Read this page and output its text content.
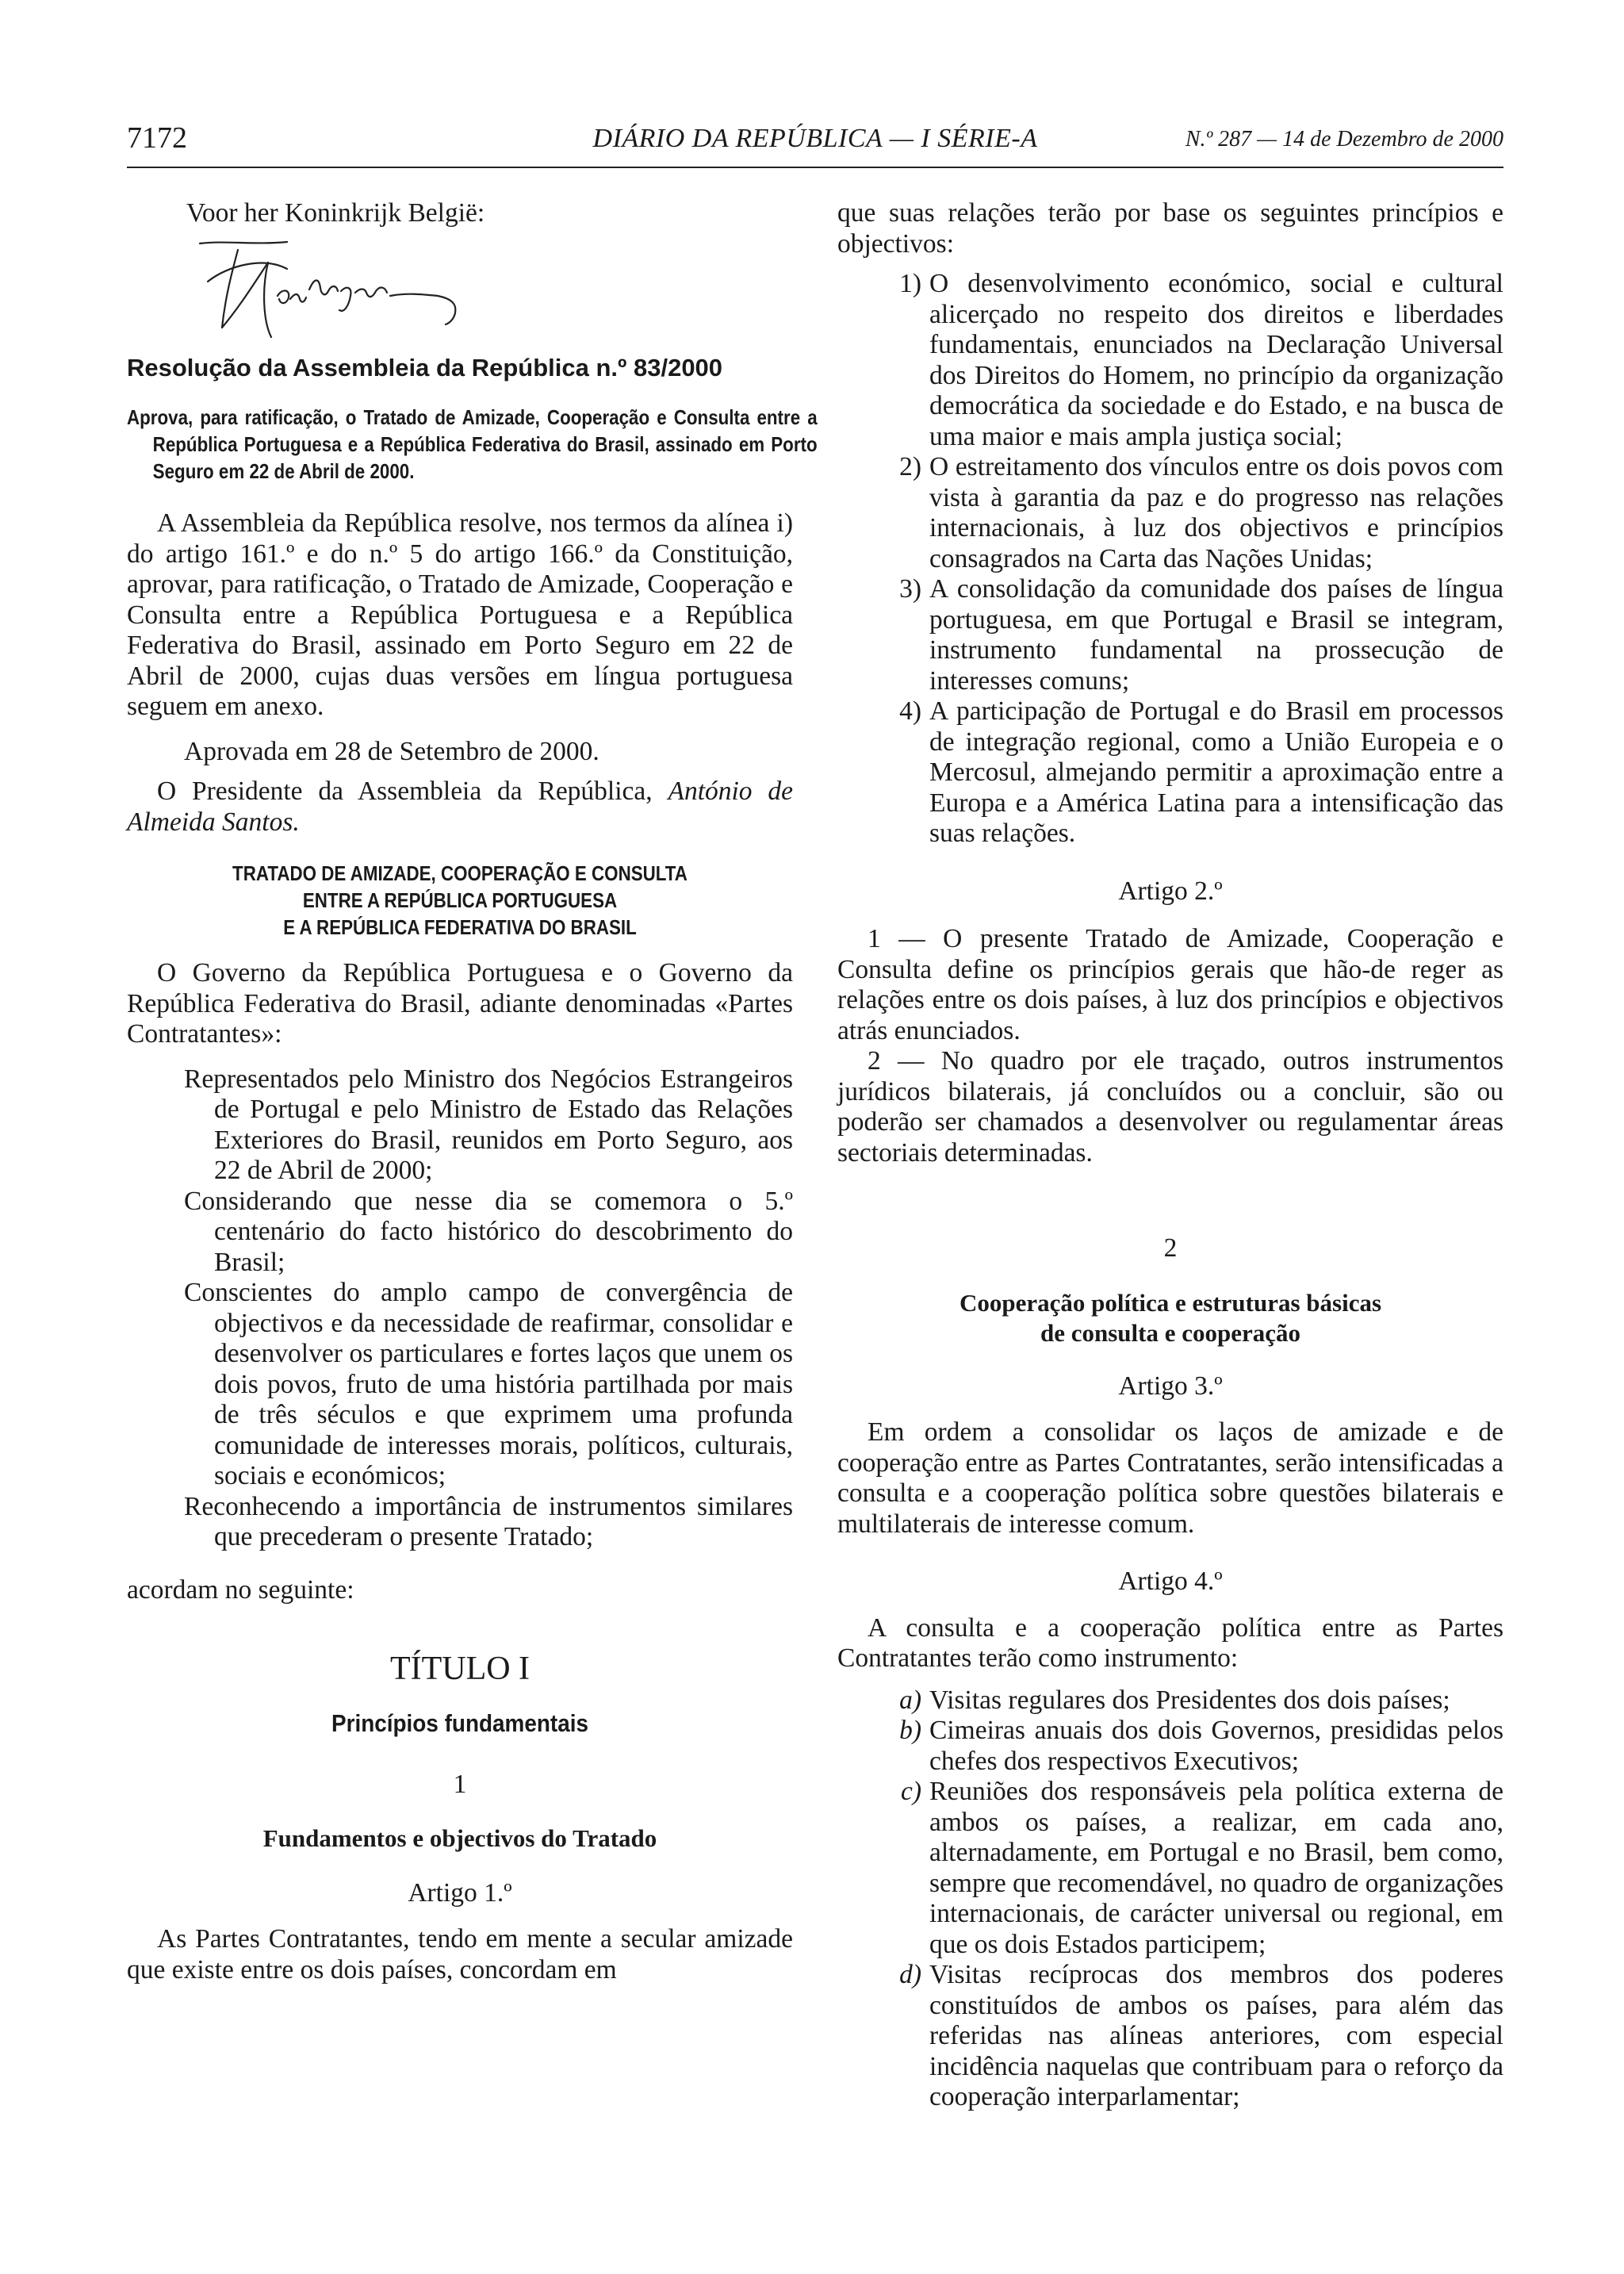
7172	DIÁRIO DA REPÚBLICA — I SÉRIE-A	N.º 287 — 14 de Dezembro de 2000

Voor her Koninkrijk België:

Resolução da Assembleia da República n.º 83/2000

Aprova, para ratificação, o Tratado de Amizade, Cooperação e Consulta entre a República Portuguesa e a República Federativa do Brasil, assinado em Porto Seguro em 22 de Abril de 2000.

A Assembleia da República resolve, nos termos da alínea i) do artigo 161.º e do n.º 5 do artigo 166.º da Constituição, aprovar, para ratificação, o Tratado de Amizade, Cooperação e Consulta entre a República Portuguesa e a República Federativa do Brasil, assinado em Porto Seguro em 22 de Abril de 2000, cujas duas versões em língua portuguesa seguem em anexo.

Aprovada em 28 de Setembro de 2000.

O Presidente da Assembleia da República, António de Almeida Santos.

TRATADO DE AMIZADE, COOPERAÇÃO E CONSULTA

ENTRE A REPÚBLICA PORTUGUESA

E A REPÚBLICA FEDERATIVA DO BRASIL

O Governo da República Portuguesa e o Governo da República Federativa do Brasil, adiante denominadas «Partes Contratantes»:

Representados pelo Ministro dos Negócios Estrangeiros de Portugal e pelo Ministro de Estado das Relações Exteriores do Brasil, reunidos em Porto Seguro, aos 22 de Abril de 2000;

Considerando que nesse dia se comemora o 5.º centenário do facto histórico do descobrimento do Brasil;

Conscientes do amplo campo de convergência de objectivos e da necessidade de reafirmar, consolidar e desenvolver os particulares e fortes laços que unem os dois povos, fruto de uma história partilhada por mais de três séculos e que exprimem uma profunda comunidade de interesses morais, políticos, culturais, sociais e económicos;

Reconhecendo a importância de instrumentos similares que precederam o presente Tratado;

acordam no seguinte:

TÍTULO I

Princípios fundamentais

1

Fundamentos e objectivos do Tratado

Artigo 1.º

As Partes Contratantes, tendo em mente a secular amizade que existe entre os dois países, concordam em

que suas relações terão por base os seguintes princípios e objectivos:

1) O desenvolvimento económico, social e cultural alicerçado no respeito dos direitos e liberdades fundamentais, enunciados na Declaração Universal dos Direitos do Homem, no princípio da organização democrática da sociedade e do Estado, e na busca de uma maior e mais ampla justiça social;
2) O estreitamento dos vínculos entre os dois povos com vista à garantia da paz e do progresso nas relações internacionais, à luz dos objectivos e princípios consagrados na Carta das Nações Unidas;
3) A consolidação da comunidade dos países de língua portuguesa, em que Portugal e Brasil se integram, instrumento fundamental na prossecução de interesses comuns;
4) A participação de Portugal e do Brasil em processos de integração regional, como a União Europeia e o Mercosul, almejando permitir a aproximação entre a Europa e a América Latina para a intensificação das suas relações.

Artigo 2.º

1 — O presente Tratado de Amizade, Cooperação e Consulta define os princípios gerais que hão-de reger as relações entre os dois países, à luz dos princípios e objectivos atrás enunciados.

2 — No quadro por ele traçado, outros instrumentos jurídicos bilaterais, já concluídos ou a concluir, são ou poderão ser chamados a desenvolver ou regulamentar áreas sectoriais determinadas.

2

Cooperação política e estruturas básicas

de consulta e cooperação

Artigo 3.º

Em ordem a consolidar os laços de amizade e de cooperação entre as Partes Contratantes, serão intensificadas a consulta e a cooperação política sobre questões bilaterais e multilaterais de interesse comum.

Artigo 4.º

A consulta e a cooperação política entre as Partes Contratantes terão como instrumento:

a) Visitas regulares dos Presidentes dos dois países;
b) Cimeiras anuais dos dois Governos, presididas pelos chefes dos respectivos Executivos;
c) Reuniões dos responsáveis pela política externa de ambos os países, a realizar, em cada ano, alternadamente, em Portugal e no Brasil, bem como, sempre que recomendável, no quadro de organizações internacionais, de carácter universal ou regional, em que os dois Estados participem;
d) Visitas recíprocas dos membros dos poderes constituídos de ambos os países, para além das referidas nas alíneas anteriores, com especial incidência naquelas que contribuam para o reforço da cooperação interparlamentar;
